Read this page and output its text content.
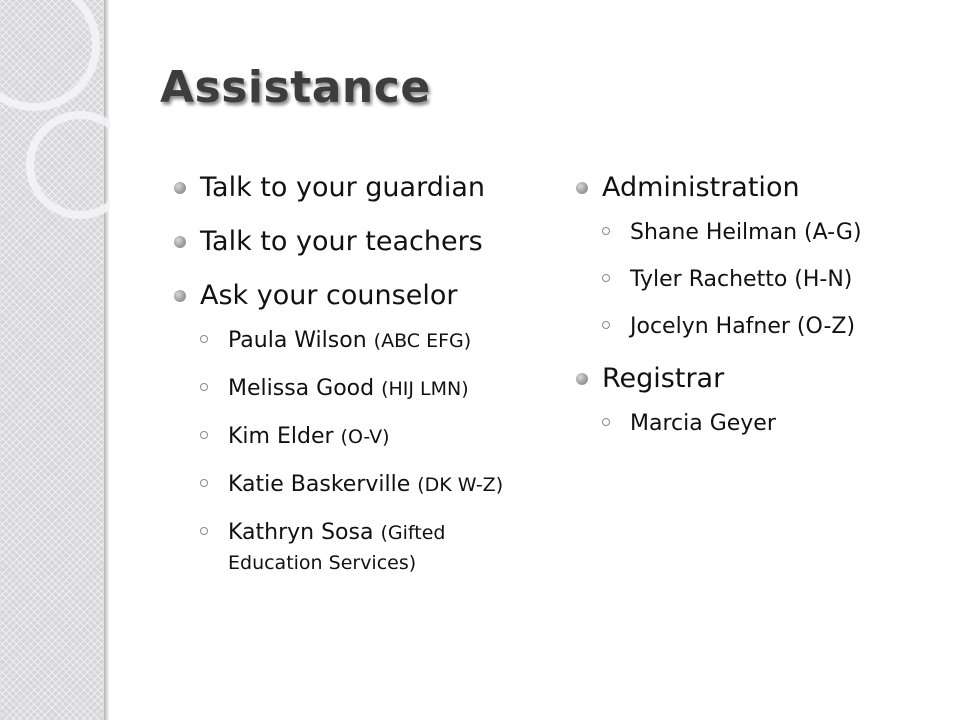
Assistance
Talk to your guardian
Talk to your teachers
Ask your counselor
Paula Wilson (ABC EFG)
Melissa Good (HIJ LMN)
Kim Elder (O-V)
Katie Baskerville (DK W-Z)
Kathryn Sosa (Gifted Education Services)
Administration
Shane Heilman (A-G)
Tyler Rachetto (H-N)
Jocelyn Hafner (O-Z)
Registrar
Marcia Geyer
